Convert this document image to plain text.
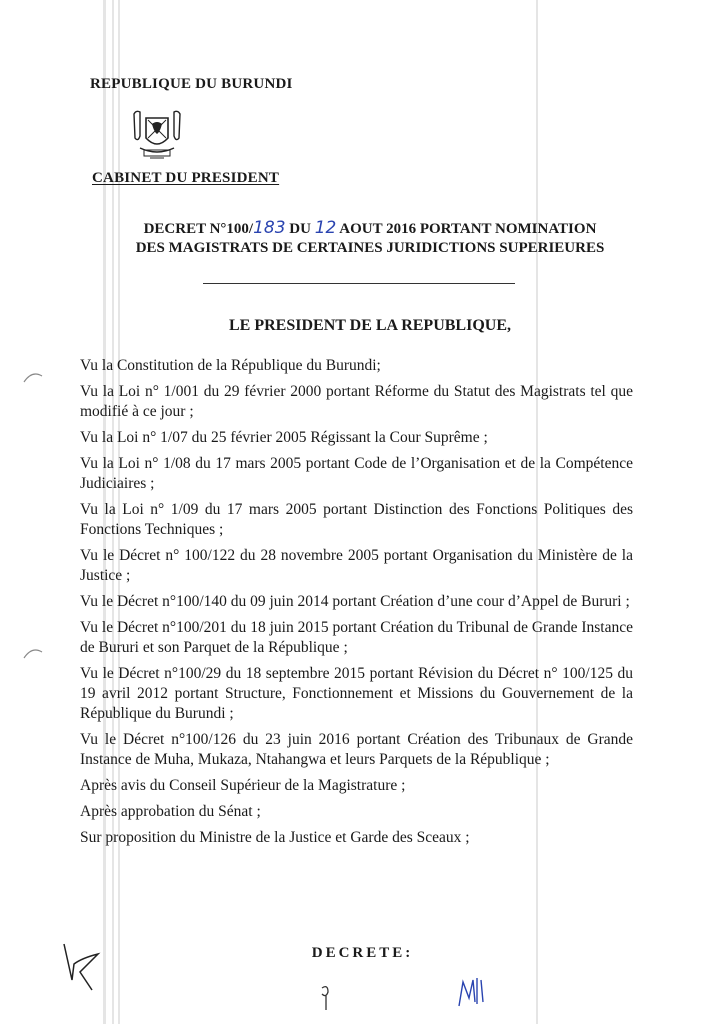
REPUBLIQUE DU BURUNDI
CABINET DU PRESIDENT
DECRET N°100/183 DU 12 AOUT 2016 PORTANT NOMINATION
DES MAGISTRATS DE CERTAINES JURIDICTIONS SUPERIEURES
LE PRESIDENT DE LA REPUBLIQUE,

Vu la Constitution de la République du Burundi;

Vu la Loi n° 1/001 du 29 février 2000 portant Réforme du Statut des Magistrats tel que modifié à ce jour ;

Vu la Loi n° 1/07 du 25 février 2005 Régissant la Cour Suprême ;

Vu la Loi n° 1/08 du 17 mars 2005 portant Code de l’Organisation et de la Compétence Judiciaires ;

Vu la Loi n° 1/09 du 17 mars 2005 portant Distinction des Fonctions Politiques des Fonctions Techniques ;

Vu le Décret n° 100/122 du 28 novembre 2005 portant Organisation du Ministère de la Justice ;

Vu le Décret n°100/140 du 09 juin 2014 portant Création d’une cour d’Appel de Bururi ;

Vu le Décret n°100/201 du 18 juin 2015 portant Création du Tribunal de Grande Instance de Bururi et son Parquet de la République ;

Vu le Décret n°100/29 du 18 septembre 2015 portant Révision du Décret n° 100/125 du 19 avril 2012 portant Structure, Fonctionnement et Missions du Gouvernement de la République du Burundi ;

Vu le Décret n°100/126 du 23 juin 2016 portant Création des Tribunaux de Grande Instance de Muha, Mukaza, Ntahangwa et leurs Parquets de la République ;

Après avis du Conseil Supérieur de la Magistrature ;

Après approbation du Sénat ;

Sur proposition du Ministre de la Justice et Garde des Sceaux ;

DECRETE:
